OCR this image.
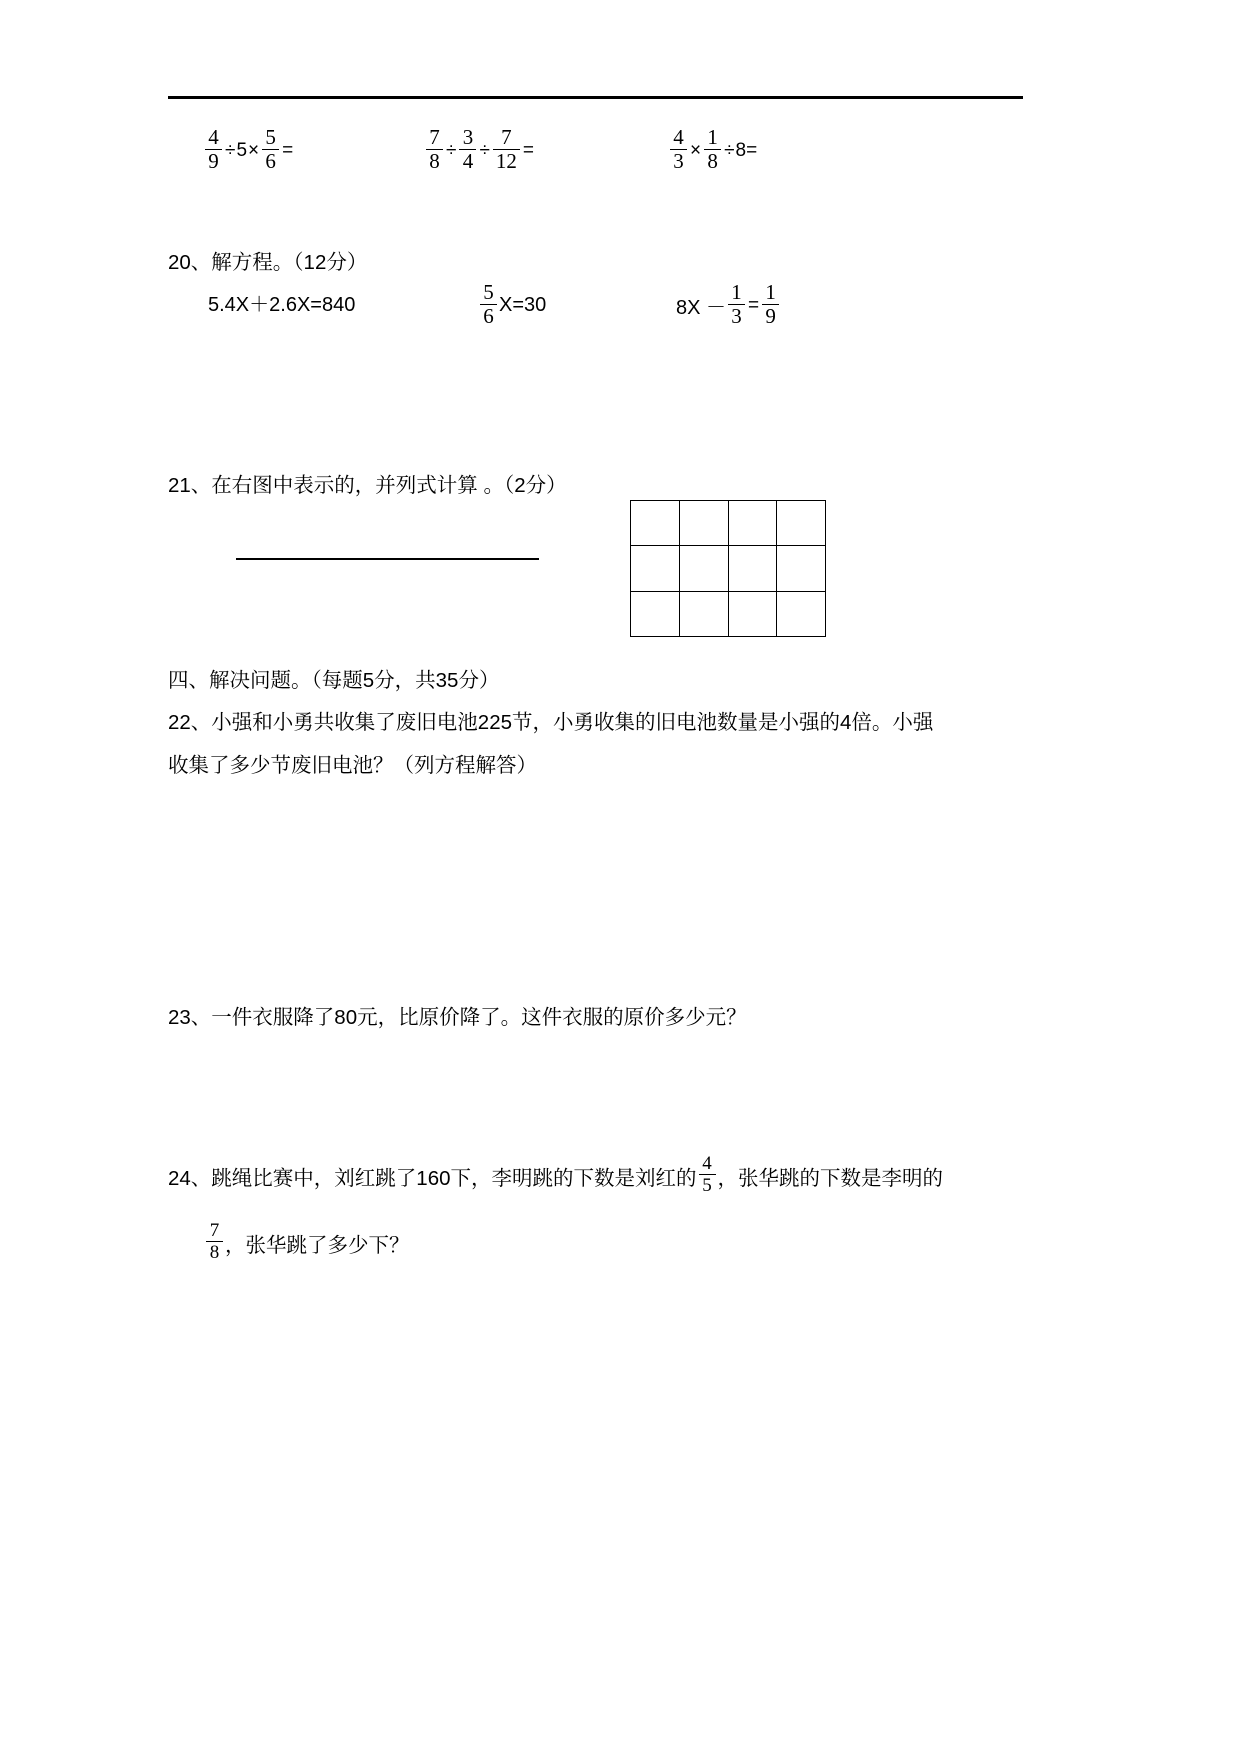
$\frac{4}{9} \div 5 \times \frac{5}{6}$ =	$\frac{7}{8} \div \frac{3}{4} \div \frac{7}{12}$ =	$\frac{4}{3} \times \frac{1}{8} \div 8=$
20、解方程。（12分）
5.4X＋2.6X=840	$\frac{5}{6} X=30$	$8X - \frac{1}{3} = \frac{1}{9}$
21、在右图中表示的，并列式计算 。（2分）
四、解决问题。（每题5分，共35分）
22、小强和小勇共收集了废旧电池225节，小勇收集的旧电池数量是小强的4倍。小强
收集了多少节废旧电池？（列方程解答）
23、一件衣服降了80元，比原价降了。这件衣服的原价多少元？
24、跳绳比赛中，刘红跳了160下，李明跳的下数是刘红的 $\frac{4}{5}$ ，张华跳的下数是李明的
$\frac{7}{8}$ ，张华跳了多少下？
